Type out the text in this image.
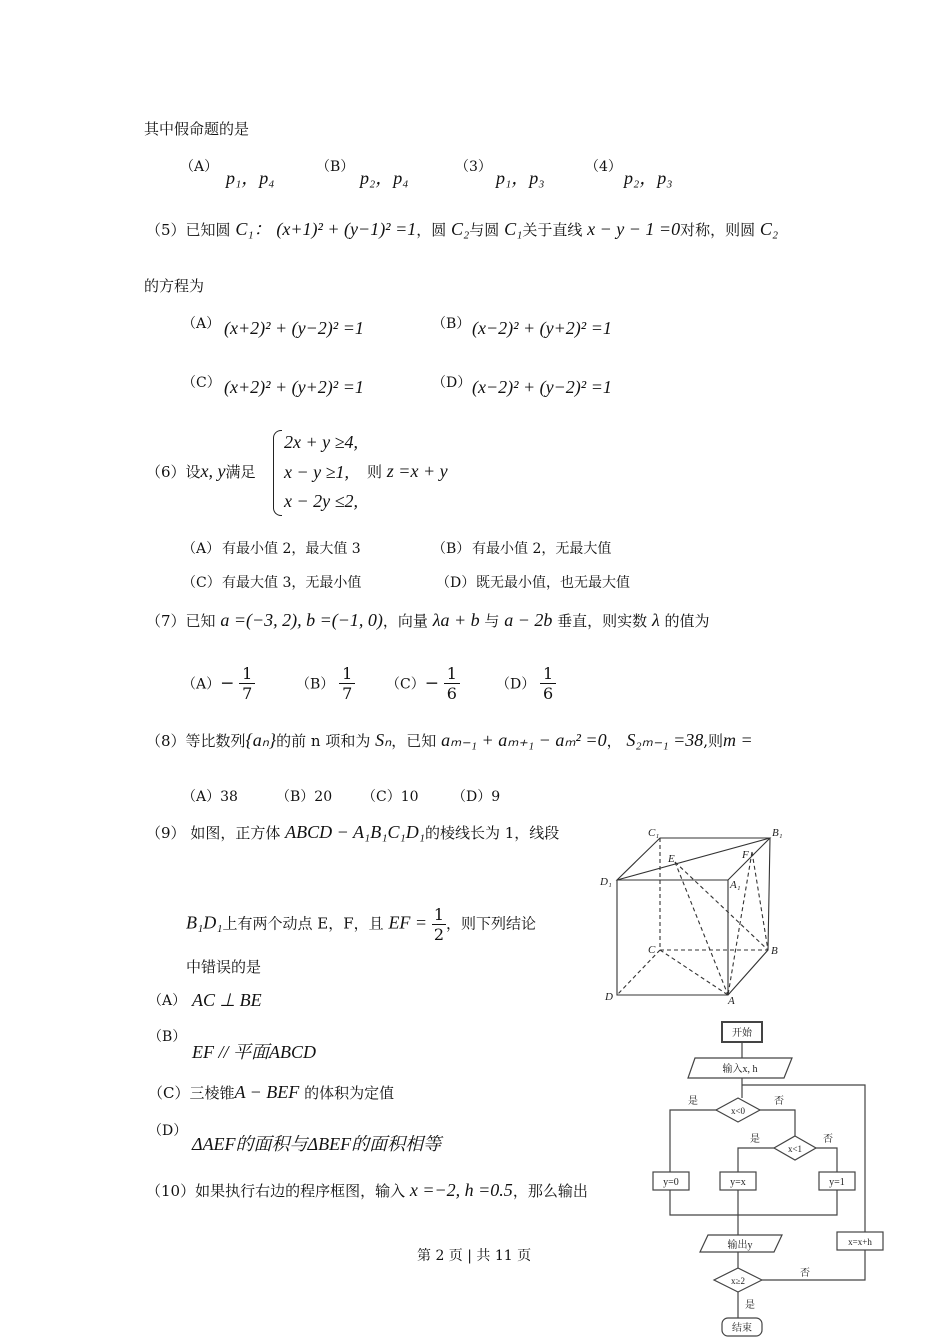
其中假命题的是
（A）
p₁，p₄
（B）
p₂，p₄
（3）
p₁，p₃
（4）
p₂，p₃
（5）已知圆 C₁： (x+1)² + (y−1)² =1，圆 C₂与圆 C₁关于直线 x − y − 1 =0对称，则圆 C₂
的方程为
（A） (x+2)² + (y−2)² =1	（B） (x−2)² + (y+2)² =1
（C） (x+2)² + (y+2)² =1	（D） (x−2)² + (y−2)² =1
（6）设x, y满足
2x + y ≥4,
x − y ≥1,
x − 2y ≤2,
则 z =x + y
（A） 有最小值 2，最大值 3	（B） 有最小值 2，无最大值
（C） 有最大值 3，无最小值	（D） 既无最小值，也无最大值
（7）已知 a =(−3, 2), b =(−1, 0)，向量 λa + b 与 a − 2b 垂直，则实数 λ 的值为
$(A)- \frac{1}{7}$	$(B) \frac{1}{7} (C)- \frac{1}{6}$	$(D) \frac{1}{6}$
（8）等比数列{aₙ}的前 n 项和为 Sₙ，已知 aₘ₋₁ + aₘ₊₁ − aₘ² =0， S₂ₘ₋₁ =38,则m =
（A）38	（B）20 （C）10 （D）9
（9） 如图，正方体 ABCD − A₁B₁C₁D₁的棱线长为 1，线段
B₁D₁上有两个动点 E，F，且 EF = $\frac{1}{2}$ ，则下列结论
中错误的是
（A） AC ⊥ BE
（B）
EF // 平面ABCD
（C）三棱锥A − BEF 的体积为定值
（D）
ΔAEF的面积与ΔBEF的面积相等
C₁	B₁
D₁	A₁
E	F
C	B
D	A
（10）如果执行右边的程序框图，输入 x =−2, h =0.5，那么输出
开始
输入x, h
x<0
是	否
x<1
是	否
y=0	y=x	y=1
输出y	x=x+h
x≥2
否
是
结束
第 2 页 | 共 11 页
